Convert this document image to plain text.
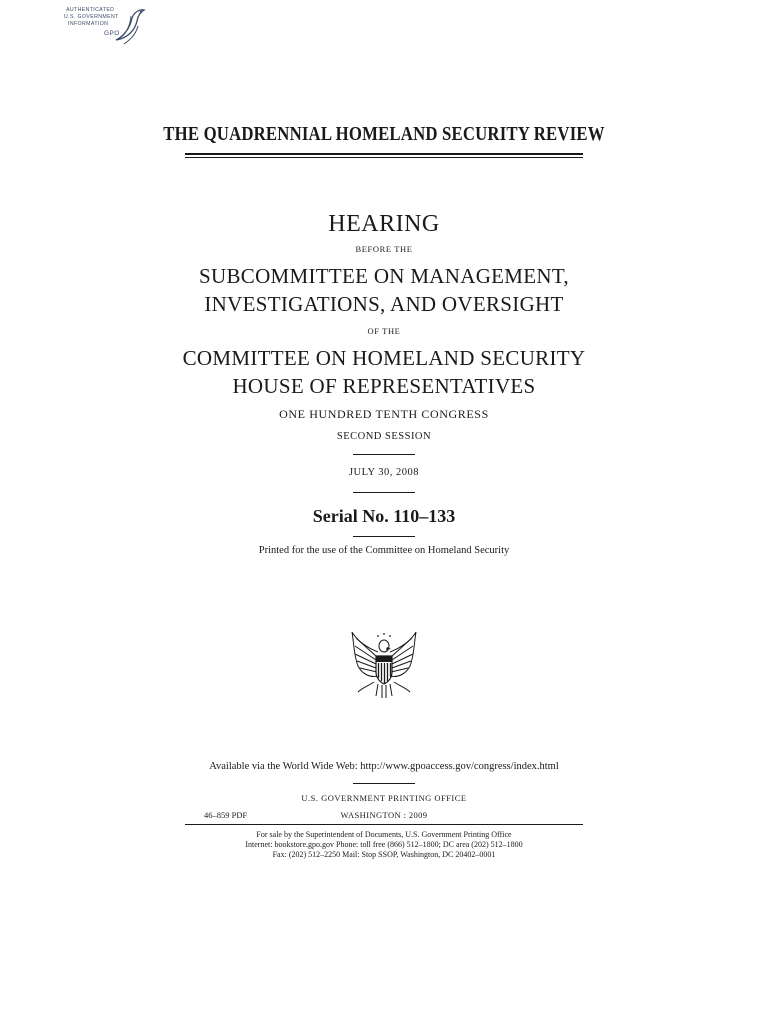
AUTHENTICATED
U.S. GOVERNMENT
INFORMATION
GPO
THE QUADRENNIAL HOMELAND SECURITY REVIEW
HEARING
BEFORE THE
SUBCOMMITTEE ON MANAGEMENT,
INVESTIGATIONS, AND OVERSIGHT
OF THE
COMMITTEE ON HOMELAND SECURITY
HOUSE OF REPRESENTATIVES
ONE HUNDRED TENTH CONGRESS
SECOND SESSION
JULY 30, 2008
Serial No. 110–133
Printed for the use of the Committee on Homeland Security
Available via the World Wide Web: http://www.gpoaccess.gov/congress/index.html
U.S. GOVERNMENT PRINTING OFFICE
46–859 PDF	WASHINGTON : 2009
For sale by the Superintendent of Documents, U.S. Government Printing Office
Internet: bookstore.gpo.gov Phone: toll free (866) 512–1800; DC area (202) 512–1800
Fax: (202) 512–2250 Mail: Stop SSOP, Washington, DC 20402–0001
